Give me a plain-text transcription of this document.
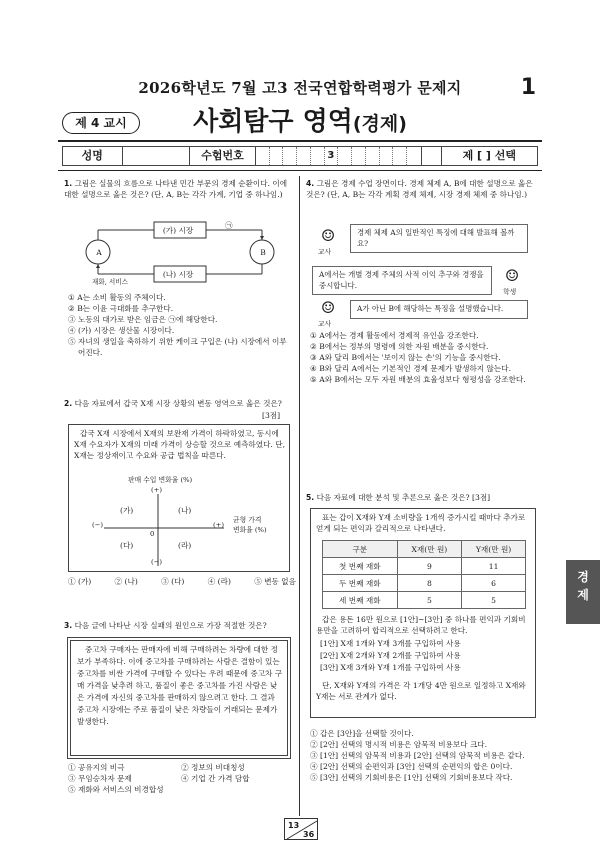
2026학년도 7월 고3 전국연합학력평가 문제지	1
제 4 교시	사회탐구 영역(경제)
성명	수험번호	3	제 [ ] 선택
1. 그림은 실물의 흐름으로 나타낸 민간 부문의 경제 순환이다. 이에 대한 설명으로 옳은 것은? (단, A, B는 각각 가계, 기업 중 하나임.)
(가) 시장
(나) 시장
A	B
㉠
재화, 서비스
① A는 소비 활동의 주체이다.
② B는 이윤 극대화를 추구한다.
③ 노동의 대가로 받은 임금은 ㉠에 해당한다.
④ (가) 시장은 생산물 시장이다.
⑤ 자녀의 생일을 축하하기 위한 케이크 구입은 (나) 시장에서 이루어진다.
2. 다음 자료에서 갑국 X재 시장 상황의 변동 영역으로 옳은 것은?
[3점]
갑국 X재 시장에서 X재의 보완재 가격이 하락하였고, 동시에 X재 수요자가 X재의 미래 가격이 상승할 것으로 예측하였다. 단, X재는 정상재이고 수요와 공급 법칙을 따른다.
판매 수입 변화율 (%)
(+)
(−)
(−)	(+)
0
균형 가격
변화율 (%)
(가)	(나)
(다)	(라)
① (가)	② (나)	③ (다)	④ (라)	⑤ 변동 없음
3. 다음 글에 나타난 시장 실패의 원인으로 가장 적절한 것은?
중고차 구매자는 판매자에 비해 구매하려는 차량에 대한 정보가 부족하다. 이에 중고차를 구매하려는 사람은 결함이 있는 중고차를 비싼 가격에 구매할 수 있다는 우려 때문에 중고차 구매 가격을 낮추려 하고, 품질이 좋은 중고차를 가진 사람은 낮은 가격에 자신의 중고차를 판매하지 않으려고 한다. 그 결과 중고차 시장에는 주로 품질이 낮은 차량들이 거래되는 문제가 발생한다.
① 공유지의 비극	② 정보의 비대칭성
③ 무임승차자 문제	④ 기업 간 가격 담합
⑤ 재화와 서비스의 비경합성
4. 그림은 경제 수업 장면이다. 경제 체제 A, B에 대한 설명으로 옳은 것은? (단, A, B는 각각 계획 경제 체제, 시장 경제 체제 중 하나임.)
☺
교사
경제 체제 A의 일반적인 특징에 대해 발표해 볼까요?
A에서는 개별 경제 주체의 사적 이익 추구와 경쟁을 중시합니다.
☺
학생
☺
교사
A가 아닌 B에 해당하는 특징을 설명했습니다.
① A에서는 경제 활동에서 경제적 유인을 강조한다.
② B에서는 정부의 명령에 의한 자원 배분을 중시한다.
③ A와 달리 B에서는 '보이지 않는 손'의 기능을 중시한다.
④ B와 달리 A에서는 기본적인 경제 문제가 발생하지 않는다.
⑤ A와 B에서는 모두 자원 배분의 효율성보다 형평성을 강조한다.
5. 다음 자료에 대한 분석 및 추론으로 옳은 것은? [3점]
표는 갑이 X재와 Y재 소비량을 1개씩 증가시킬 때마다 추가로 얻게 되는 편익과 갈리적으로 나타낸다.
구분	X재(만 원)	Y재(만 원)
첫 번째 재화	9	11
두 번째 재화	8	6
세 번째 재화	5	5
갑은 용돈 16만 원으로 [1안]~[3안] 중 하나를 편익과 기회비용만을 고려하여 합리적으로 선택하려고 한다.
[1안] X재 1개와 Y재 3개를 구입하여 사용
[2안] X재 2개와 Y재 2개를 구입하여 사용
[3안] X재 3개와 Y재 1개를 구입하여 사용
단, X재와 Y재의 가격은 각 1개당 4만 원으로 일정하고 X재와 Y재는 서로 관계가 없다.
① 갑은 [3안]을 선택할 것이다.
② [2안] 선택의 명시적 비용은 암묵적 비용보다 크다.
③ [1안] 선택의 암묵적 비용과 [2안] 선택의 암묵적 비용은 같다.
④ [2안] 선택의 순편익과 [3안] 선택의 순편익의 합은 0이다.
⑤ [3안] 선택의 기회비용은 [1안] 선택의 기회비용보다 작다.
경제
13
36
